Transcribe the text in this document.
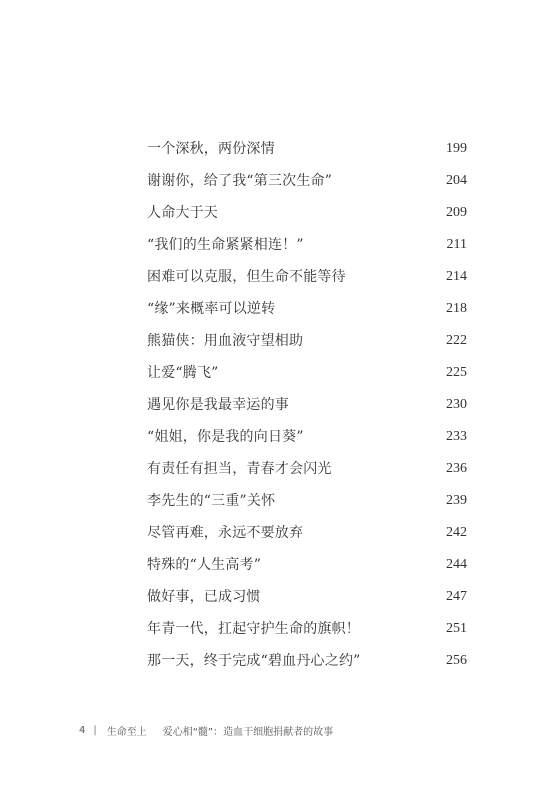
一个深秋，两份深情	199
谢谢你，给了我“第三次生命”	204
人命大于天	209
“我们的生命紧紧相连！”	211
困难可以克服，但生命不能等待	214
“缘”来概率可以逆转	218
熊猫侠：用血液守望相助	222
让爱“腾飞”	225
遇见你是我最幸运的事	230
“姐姐，你是我的向日葵”	233
有责任有担当，青春才会闪光	236
李先生的“三重”关怀	239
尽管再难，永远不要放弃	242
特殊的“人生高考”	244
做好事，已成习惯	247
年青一代，扛起守护生命的旗帜！	251
那一天，终于完成“碧血丹心之约”	256
4 | 生命至上 爱心相“髓”：造血干细胞捐献者的故事
